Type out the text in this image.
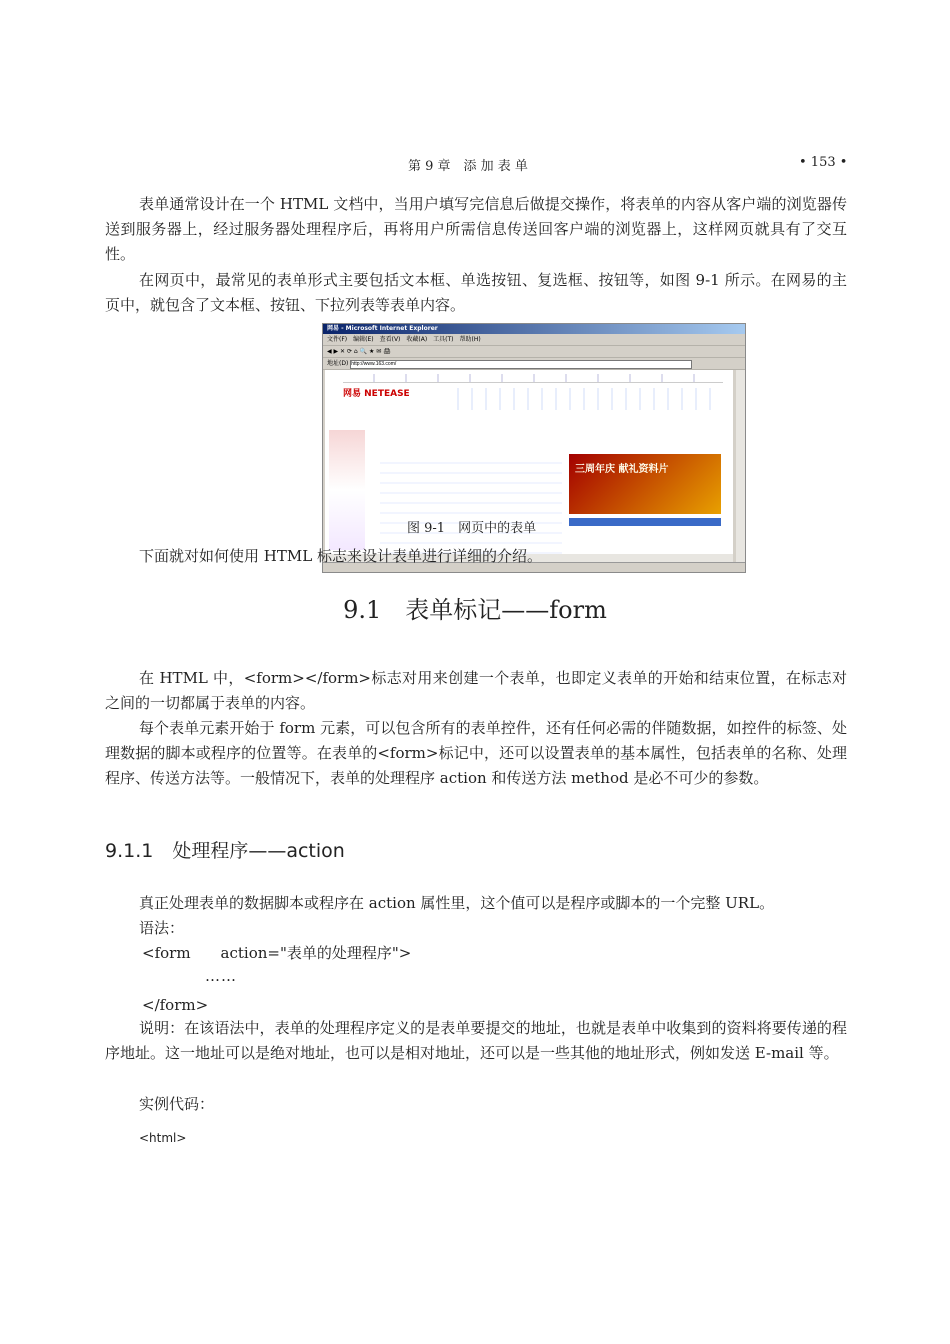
第 9 章　添 加 表 单	• 153 •

表单通常设计在一个 HTML 文档中，当用户填写完信息后做提交操作，将表单的内容从客户端的浏览器传送到服务器上，经过服务器处理程序后，再将用户所需信息传送回客户端的浏览器上，这样网页就具有了交互性。

在网页中，最常见的表单形式主要包括文本框、单选按钮、复选框、按钮等，如图 9-1 所示。在网易的主页中，就包含了文本框、按钮、下拉列表等表单内容。

网易 - Microsoft Internet Explorer
文件(F)　编辑(E)　查看(V)　收藏(A)　工具(T)　帮助(H)
◀ ▶ ✕ ⟳ ⌂ 🔍 ★ ✉ 🖨
地址(D) http://www.163.com/
网易 NETEASE
三周年庆 献礼资料片
图 9-1　网页中的表单

下面就对如何使用 HTML 标志来设计表单进行详细的介绍。

9.1　表单标记——form

在 HTML 中，<form></form>标志对用来创建一个表单，也即定义表单的开始和结束位置，在标志对之间的一切都属于表单的内容。

每个表单元素开始于 form 元素，可以包含所有的表单控件，还有任何必需的伴随数据，如控件的标签、处理数据的脚本或程序的位置等。在表单的<form>标记中，还可以设置表单的基本属性，包括表单的名称、处理程序、传送方法等。一般情况下，表单的处理程序 action 和传送方法 method 是必不可少的参数。

9.1.1　处理程序——action

真正处理表单的数据脚本或程序在 action 属性里，这个值可以是程序或脚本的一个完整 URL。

语法：
<form　　action="表单的处理程序">
……
</form>

说明：在该语法中，表单的处理程序定义的是表单要提交的地址，也就是表单中收集到的资料将要传递的程序地址。这一地址可以是绝对地址，也可以是相对地址，还可以是一些其他的地址形式，例如发送 E-mail 等。

实例代码：
<html>
